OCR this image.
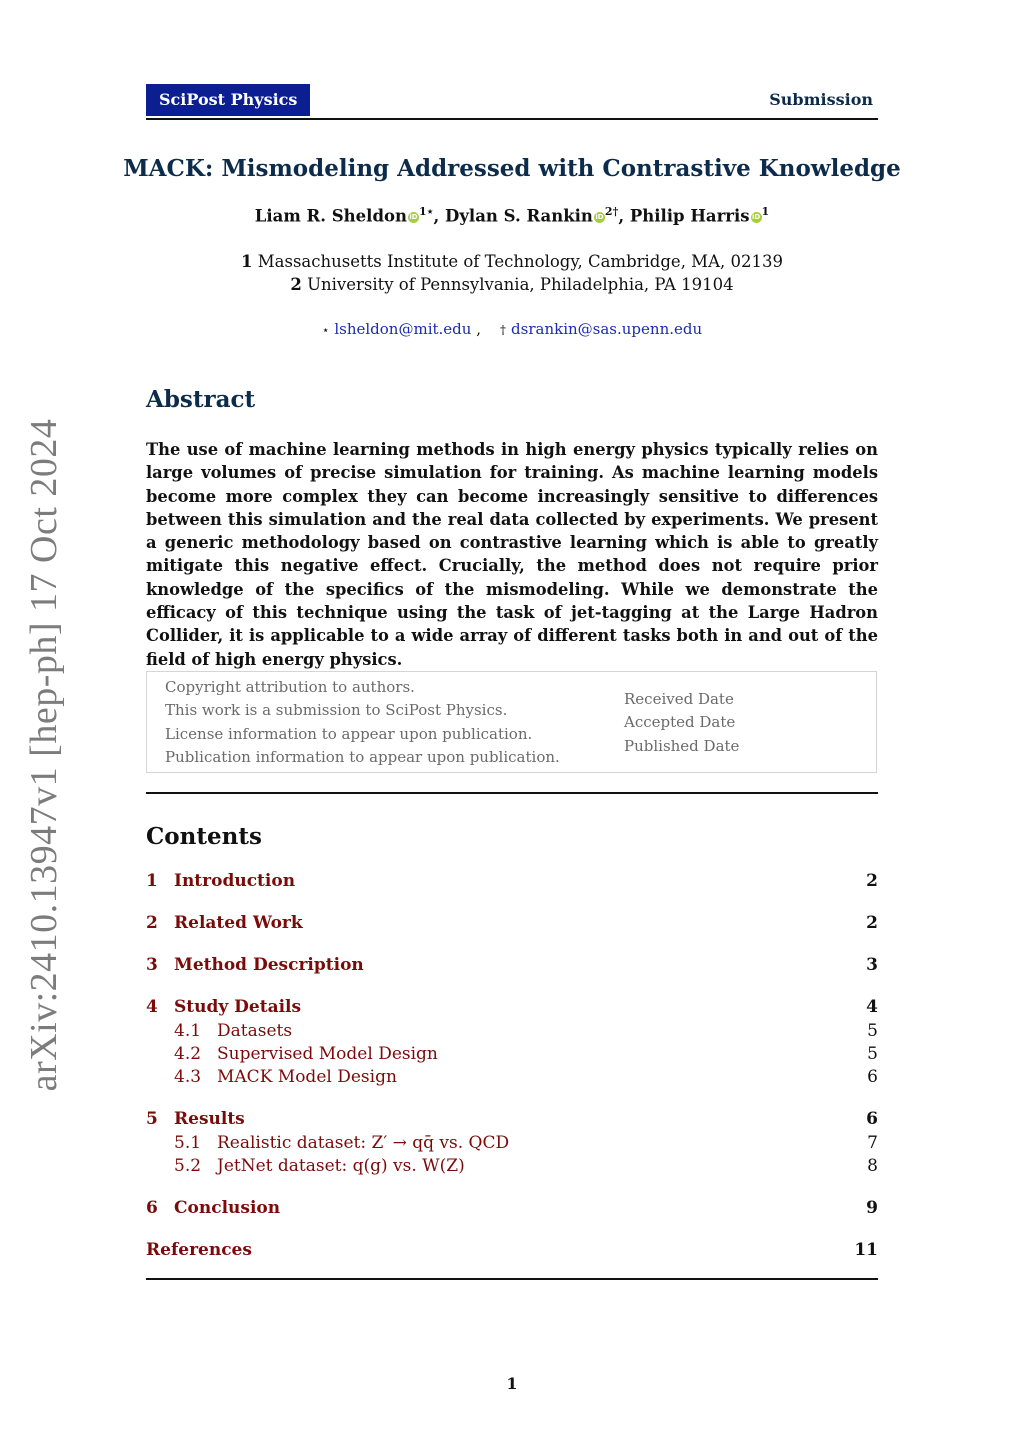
arXiv:2410.13947v1 [hep-ph] 17 Oct 2024
SciPost Physics	Submission
MACK: Mismodeling Addressed with Contrastive Knowledge
Liam R. Sheldon $iD^{1⋆}$, Dylan S. Rankin $iD^{2\dagger}$, Philip Harris $iD^1$
1 Massachusetts Institute of Technology, Cambridge, MA, 02139
2 University of Pennsylvania, Philadelphia, PA 19104
⋆ lsheldon@mit.edu ,    † dsrankin@sas.upenn.edu
Abstract
The use of machine learning methods in high energy physics typically relies on large volumes of precise simulation for training. As machine learning models become more complex they can become increasingly sensitive to differences between this simulation and the real data collected by experiments. We present a generic methodology based on contrastive learning which is able to greatly mitigate this negative effect. Crucially, the method does not require prior knowledge of the specifics of the mismodeling. While we demonstrate the efficacy of this technique using the task of jet-tagging at the Large Hadron Collider, it is applicable to a wide array of different tasks both in and out of the field of high energy physics.
Copyright attribution to authors.
This work is a submission to SciPost Physics.
License information to appear upon publication.
Publication information to appear upon publication.
Received Date
Accepted Date
Published Date
Contents
1 Introduction	2
2 Related Work	2
3 Method Description	3
4 Study Details	4
4.1 Datasets	5
4.2 Supervised Model Design	5
4.3 MACK Model Design	6
5 Results	6
5.1 Realistic dataset: Z′ → qq̄ vs. QCD	7
5.2 JetNet dataset: q(g) vs. W(Z)	8
6 Conclusion	9
References	11
1
